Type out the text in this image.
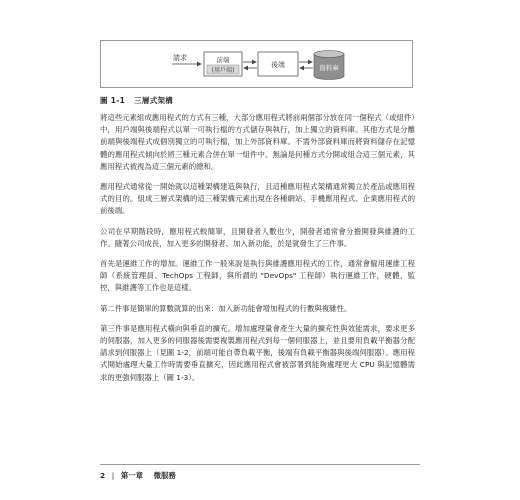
請求	前端
(用戶端)
後端	資料庫
圖 1-1 三層式架構

將這些元素組成應用程式的方式有三種，大部分應用程式將前兩個部分放在同一個程式（或組件）中，用戶端與後端程式以單一可執行檔的方式儲存與執行，加上獨立的資料庫。其他方式是分離前端與後端程式成個別獨立的可執行檔，加上外部資料庫。不需外部資料庫而將資料儲存在記憶體的應用程式傾向於將三種元素合併在單一組件中。無論是何種方式分開或組合這三個元素，其應用程式被視為這三個元素的總和。

應用程式通常從一開始就以這種架構建造與執行，且這種應用程式架構通常獨立於產品或應用程式的目的。組成三層式架構的這三種架構元素出現在各種網站、手機應用程式、企業應用程式的前後端。

公司在早期階段時，應用程式較簡單，且開發者人數也少，開發者通常會分擔開發與維護的工作。隨著公司成長，加入更多的開發者、加入新功能，於是就發生了三件事。

首先是運維工作的增加。運維工作一般來說是執行與維護應用程式的工作，通常會僱用運維工程師（系統管理員、TechOps 工程師，與所謂的 "DevOps" 工程師）執行運維工作，硬體、監控，與維護等工作也是這樣。

第二件事是簡單的算數就算的出來：加入新功能會增加程式的行數與複雜性。

第三件事是應用程式橫向與垂直的擴充。增加處理量會產生大量的擴充性與效能需求，要求更多的伺服器，加入更多的伺服器後需要複製應用程式到每一個伺服器上，並且要用負載平衡器分配請求到伺服器上（見圖 1-2，前端可能自帶負載平衡，後端有負載平衡器與後端伺服器）。應用程式開始處理大量工作時需要垂直擴充，因此應用程式會被部署到能夠處理更大 CPU 與記憶體需求的更強伺服器上（圖 1-3）。

2 | 第一章 微服務
